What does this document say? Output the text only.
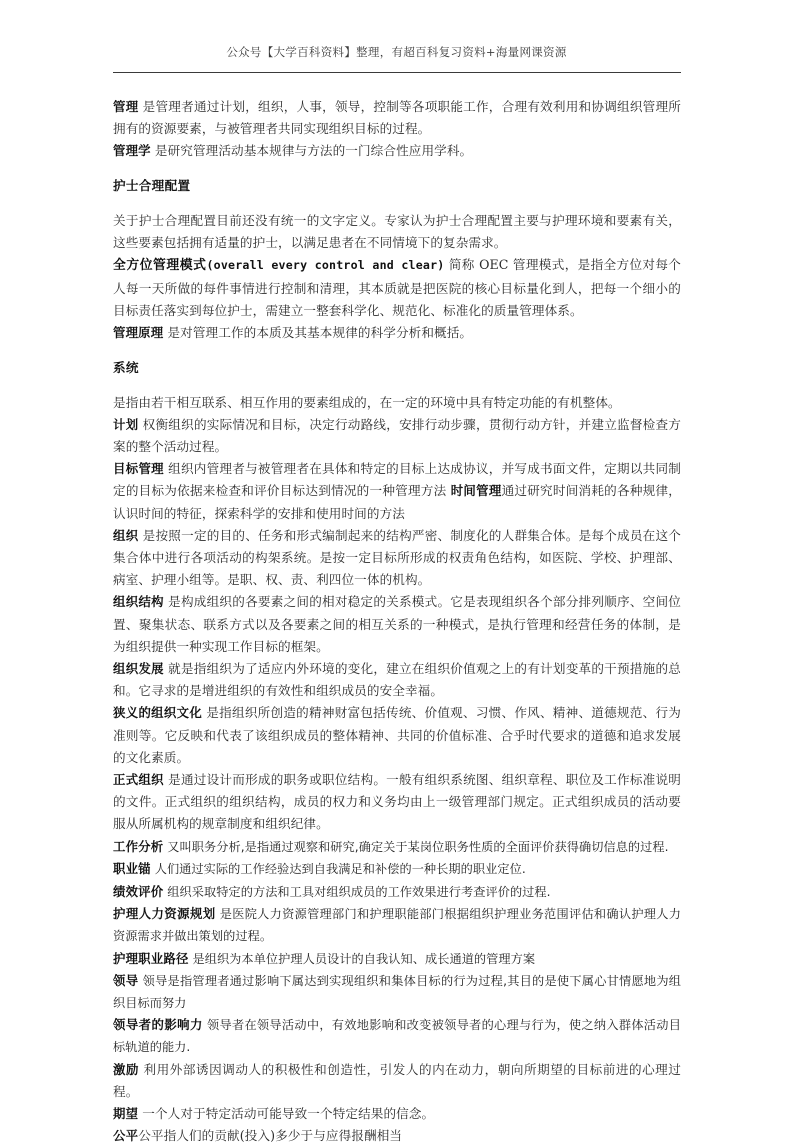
公众号【大学百科资料】整理，有超百科复习资料+海量网课资源

管理 是管理者通过计划，组织，人事，领导，控制等各项职能工作，合理有效利用和协调组织管理所拥有的资源要素，与被管理者共同实现组织目标的过程。

管理学 是研究管理活动基本规律与方法的一门综合性应用学科。

护士合理配置

关于护士合理配置目前还没有统一的文字定义。专家认为护士合理配置主要与护理环境和要素有关，这些要素包括拥有适量的护士，以满足患者在不同情境下的复杂需求。

全方位管理模式(overall every control and clear) 简称 OEC 管理模式，是指全方位对每个人每一天所做的每件事情进行控制和清理，其本质就是把医院的核心目标量化到人，把每一个细小的目标责任落实到每位护士，需建立一整套科学化、规范化、标准化的质量管理体系。

管理原理 是对管理工作的本质及其基本规律的科学分析和概括。

系统

是指由若干相互联系、相互作用的要素组成的，在一定的环境中具有特定功能的有机整体。

计划 权衡组织的实际情况和目标，决定行动路线，安排行动步骤，贯彻行动方针，并建立监督检查方案的整个活动过程。

目标管理 组织内管理者与被管理者在具体和特定的目标上达成协议，并写成书面文件，定期以共同制定的目标为依据来检查和评价目标达到情况的一种管理方法 时间管理通过研究时间消耗的各种规律，认识时间的特征，探索科学的安排和使用时间的方法

组织 是按照一定的目的、任务和形式编制起来的结构严密、制度化的人群集合体。是每个成员在这个集合体中进行各项活动的构架系统。是按一定目标所形成的权责角色结构，如医院、学校、护理部、病室、护理小组等。是职、权、责、利四位一体的机构。

组织结构 是构成组织的各要素之间的相对稳定的关系模式。它是表现组织各个部分排列顺序、空间位置、聚集状态、联系方式以及各要素之间的相互关系的一种模式，是执行管理和经营任务的体制，是为组织提供一种实现工作目标的框架。

组织发展 就是指组织为了适应内外环境的变化，建立在组织价值观之上的有计划变革的干预措施的总和。它寻求的是增进组织的有效性和组织成员的安全幸福。

狭义的组织文化 是指组织所创造的精神财富包括传统、价值观、习惯、作风、精神、道德规范、行为准则等。它反映和代表了该组织成员的整体精神、共同的价值标准、合乎时代要求的道德和追求发展的文化素质。

正式组织 是通过设计而形成的职务或职位结构。一般有组织系统图、组织章程、职位及工作标准说明的文件。正式组织的组织结构，成员的权力和义务均由上一级管理部门规定。正式组织成员的活动要服从所属机构的规章制度和组织纪律。

工作分析 又叫职务分析,是指通过观察和研究,确定关于某岗位职务性质的全面评价获得确切信息的过程.

职业锚 人们通过实际的工作经验达到自我满足和补偿的一种长期的职业定位.

绩效评价 组织采取特定的方法和工具对组织成员的工作效果进行考查评价的过程.

护理人力资源规划 是医院人力资源管理部门和护理职能部门根据组织护理业务范围评估和确认护理人力资源需求并做出策划的过程。

护理职业路径 是组织为本单位护理人员设计的自我认知、成长通道的管理方案

领导 领导是指管理者通过影响下属达到实现组织和集体目标的行为过程,其目的是使下属心甘情愿地为组织目标而努力

领导者的影响力 领导者在领导活动中，有效地影响和改变被领导者的心理与行为，使之纳入群体活动目标轨道的能力.

激励 利用外部诱因调动人的积极性和创造性，引发人的内在动力，朝向所期望的目标前进的心理过程。

期望 一个人对于特定活动可能导致一个特定结果的信念。

公平公平指人们的贡献(投入)多少于与应得报酬相当
